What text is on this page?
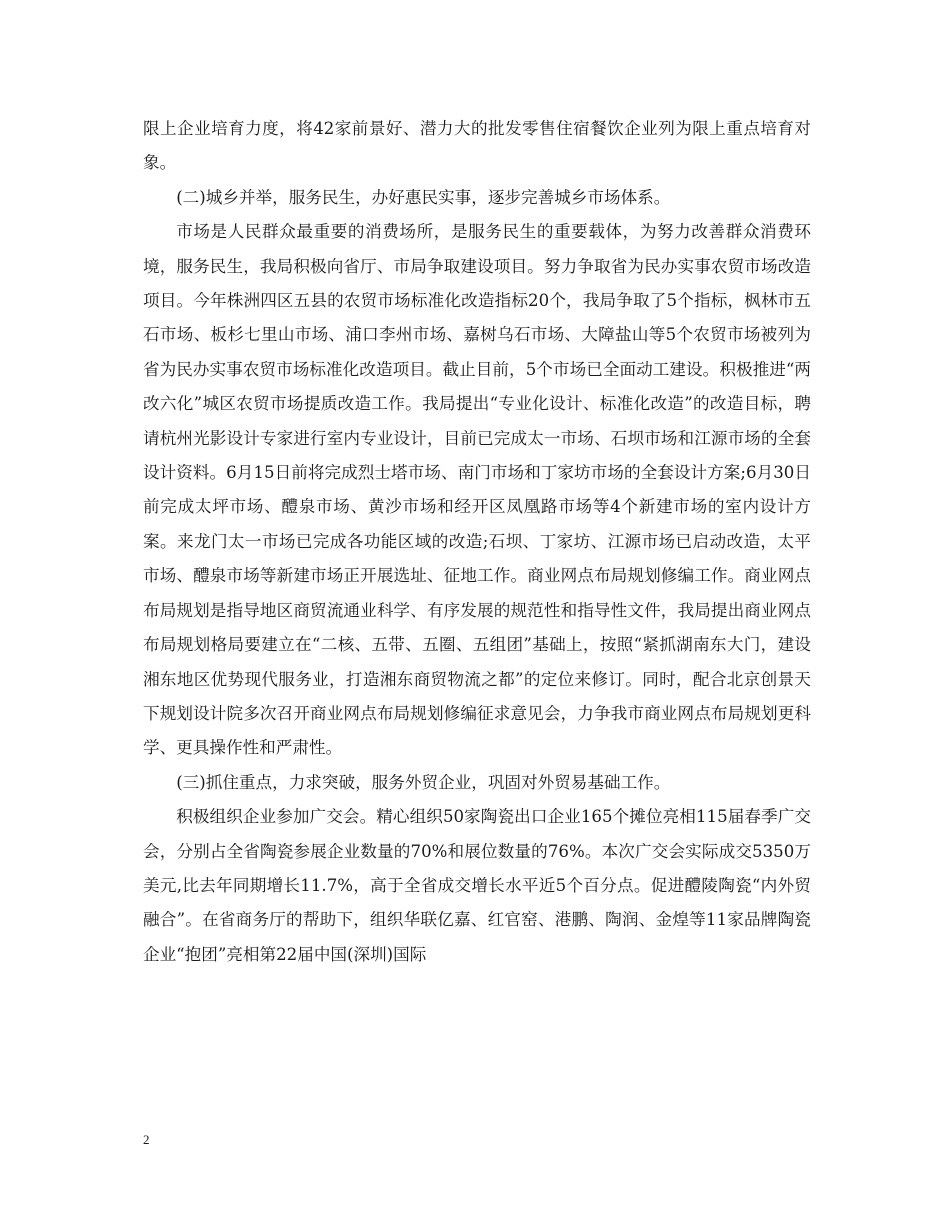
限上企业培育力度，将42家前景好、潜力大的批发零售住宿餐饮企业列为限上重点培育对象。

(二)城乡并举，服务民生，办好惠民实事，逐步完善城乡市场体系。

市场是人民群众最重要的消费场所，是服务民生的重要载体，为努力改善群众消费环境，服务民生，我局积极向省厅、市局争取建设项目。努力争取省为民办实事农贸市场改造项目。今年株洲四区五县的农贸市场标准化改造指标20个，我局争取了5个指标，枫林市五石市场、板杉七里山市场、浦口李州市场、嘉树乌石市场、大障盐山等5个农贸市场被列为省为民办实事农贸市场标准化改造项目。截止目前，5个市场已全面动工建设。积极推进“两改六化”城区农贸市场提质改造工作。我局提出“专业化设计、标准化改造”的改造目标，聘请杭州光影设计专家进行室内专业设计，目前已完成太一市场、石坝市场和江源市场的全套设计资料。6月15日前将完成烈士塔市场、南门市场和丁家坊市场的全套设计方案;6月30日前完成太坪市场、醴泉市场、黄沙市场和经开区凤凰路市场等4个新建市场的室内设计方案。来龙门太一市场已完成各功能区域的改造;石坝、丁家坊、江源市场已启动改造，太平市场、醴泉市场等新建市场正开展选址、征地工作。商业网点布局规划修编工作。商业网点布局规划是指导地区商贸流通业科学、有序发展的规范性和指导性文件，我局提出商业网点布局规划格局要建立在“二核、五带、五圈、五组团”基础上，按照“紧抓湖南东大门，建设湘东地区优势现代服务业，打造湘东商贸物流之都”的定位来修订。同时，配合北京创景天下规划设计院多次召开商业网点布局规划修编征求意见会，力争我市商业网点布局规划更科学、更具操作性和严肃性。

(三)抓住重点，力求突破，服务外贸企业，巩固对外贸易基础工作。

积极组织企业参加广交会。精心组织50家陶瓷出口企业165个摊位亮相115届春季广交会，分别占全省陶瓷参展企业数量的70%和展位数量的76%。本次广交会实际成交5350万美元,比去年同期增长11.7%，高于全省成交增长水平近5个百分点。促进醴陵陶瓷“内外贸融合”。在省商务厅的帮助下，组织华联亿嘉、红官窑、港鹏、陶润、金煌等11家品牌陶瓷企业“抱团”亮相第22届中国(深圳)国际

2
